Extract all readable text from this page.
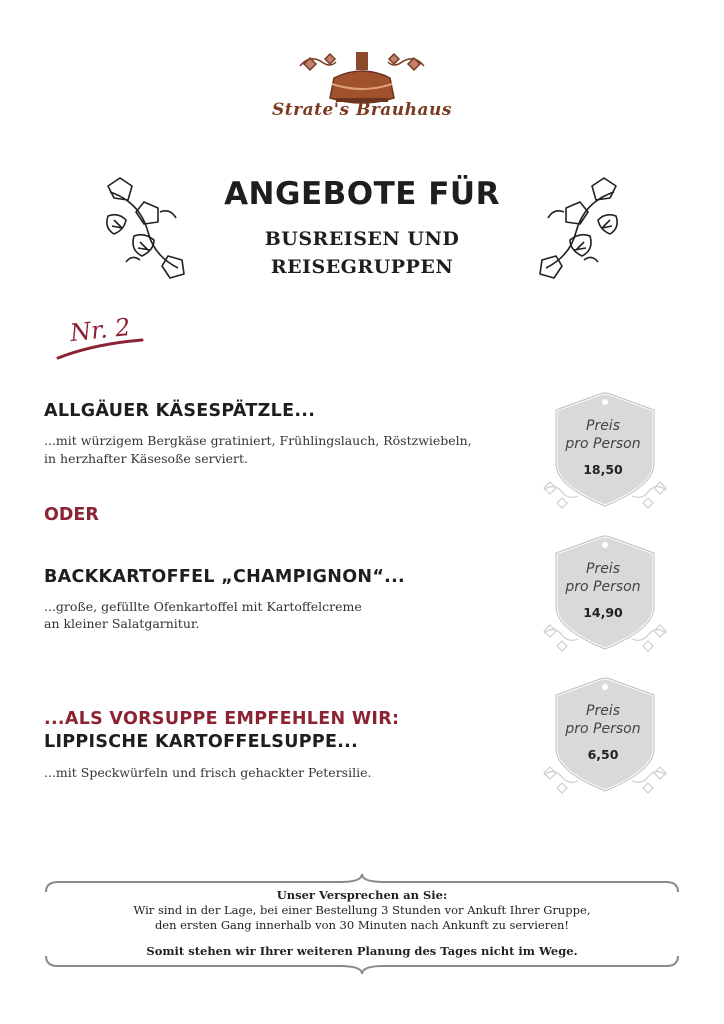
Strate's Brauhaus
ANGEBOTE FÜR
BUSREISEN UND
REISEGRUPPEN
Nr. 2
ALLGÄUER KÄSESPÄTZLE...
...mit würzigem Bergkäse gratiniert, Frühlingslauch, Röstzwiebeln,
in herzhafter Käsesoße serviert.
ODER
BACKKARTOFFEL „CHAMPIGNON“...
...große, gefüllte Ofenkartoffel mit Kartoffelcreme
an kleiner Salatgarnitur.
...ALS VORSUPPE EMPFEHLEN WIR:
LIPPISCHE KARTOFFELSUPPE...
...mit Speckwürfeln und frisch gehackter Petersilie.
Preis
pro Person
18,50
Preis
pro Person
14,90
Preis
pro Person
6,50
Unser Versprechen an Sie:
Wir sind in der Lage, bei einer Bestellung 3 Stunden vor Ankuft Ihrer Gruppe,
den ersten Gang innerhalb von 30 Minuten nach Ankunft zu servieren!
Somit stehen wir Ihrer weiteren Planung des Tages nicht im Wege.
